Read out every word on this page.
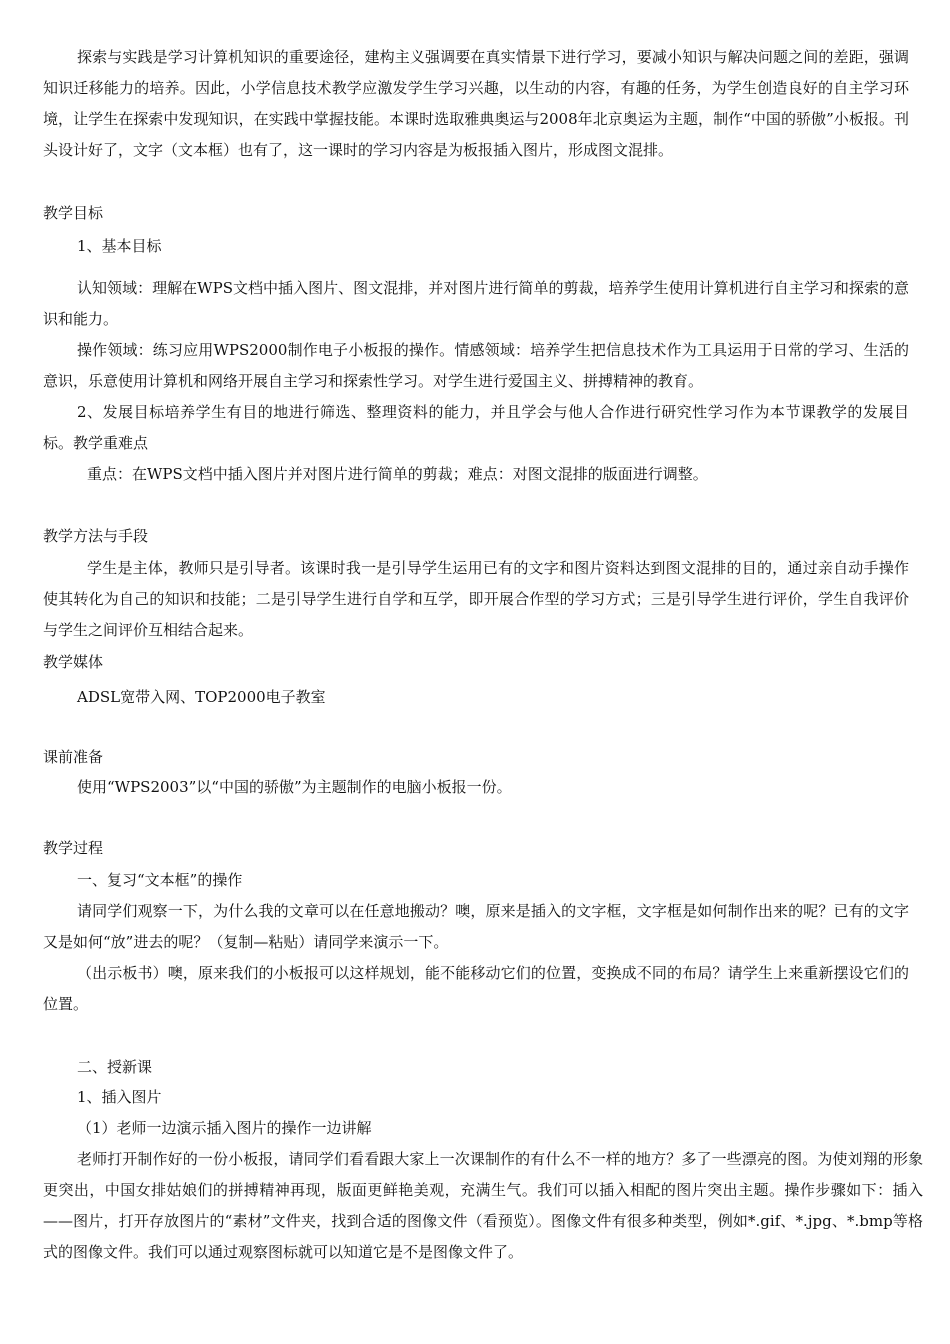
探索与实践是学习计算机知识的重要途径，建构主义强调要在真实情景下进行学习，要减小知识与解决问题之间的差距，强调知识迁移能力的培养。因此，小学信息技术教学应激发学生学习兴趣，以生动的内容，有趣的任务，为学生创造良好的自主学习环境，让学生在探索中发现知识，在实践中掌握技能。本课时选取雅典奥运与2008年北京奥运为主题，制作“中国的骄傲”小板报。刊头设计好了，文字（文本框）也有了，这一课时的学习内容是为板报插入图片，形成图文混排。

教学目标

1、基本目标

认知领域：理解在WPS文档中插入图片、图文混排，并对图片进行简单的剪裁，培养学生使用计算机进行自主学习和探索的意识和能力。

操作领域：练习应用WPS2000制作电子小板报的操作。情感领域：培养学生把信息技术作为工具运用于日常的学习、生活的意识，乐意使用计算机和网络开展自主学习和探索性学习。对学生进行爱国主义、拼搏精神的教育。

2、发展目标培养学生有目的地进行筛选、整理资料的能力，并且学会与他人合作进行研究性学习作为本节课教学的发展目标。教学重难点

重点：在WPS文档中插入图片并对图片进行简单的剪裁；难点：对图文混排的版面进行调整。

教学方法与手段

学生是主体，教师只是引导者。该课时我一是引导学生运用已有的文字和图片资料达到图文混排的目的，通过亲自动手操作使其转化为自己的知识和技能；二是引导学生进行自学和互学，即开展合作型的学习方式；三是引导学生进行评价，学生自我评价与学生之间评价互相结合起来。

教学媒体

ADSL宽带入网、TOP2000电子教室

课前准备

使用“WPS2003”以“中国的骄傲”为主题制作的电脑小板报一份。

教学过程

一、复习“文本框”的操作

请同学们观察一下，为什么我的文章可以在任意地搬动？噢，原来是插入的文字框，文字框是如何制作出来的呢？已有的文字又是如何“放”进去的呢？（复制—粘贴）请同学来演示一下。

（出示板书）噢，原来我们的小板报可以这样规划，能不能移动它们的位置，变换成不同的布局？请学生上来重新摆设它们的位置。

二、授新课

1、插入图片

（1）老师一边演示插入图片的操作一边讲解

老师打开制作好的一份小板报，请同学们看看跟大家上一次课制作的有什么不一样的地方？多了一些漂亮的图。为使刘翔的形象更突出，中国女排姑娘们的拼搏精神再现，版面更鲜艳美观，充满生气。我们可以插入相配的图片突出主题。操作步骤如下：插入——图片，打开存放图片的“素材”文件夹，找到合适的图像文件（看预览）。图像文件有很多种类型，例如*.gif、*.jpg、*.bmp等格式的图像文件。我们可以通过观察图标就可以知道它是不是图像文件了。
